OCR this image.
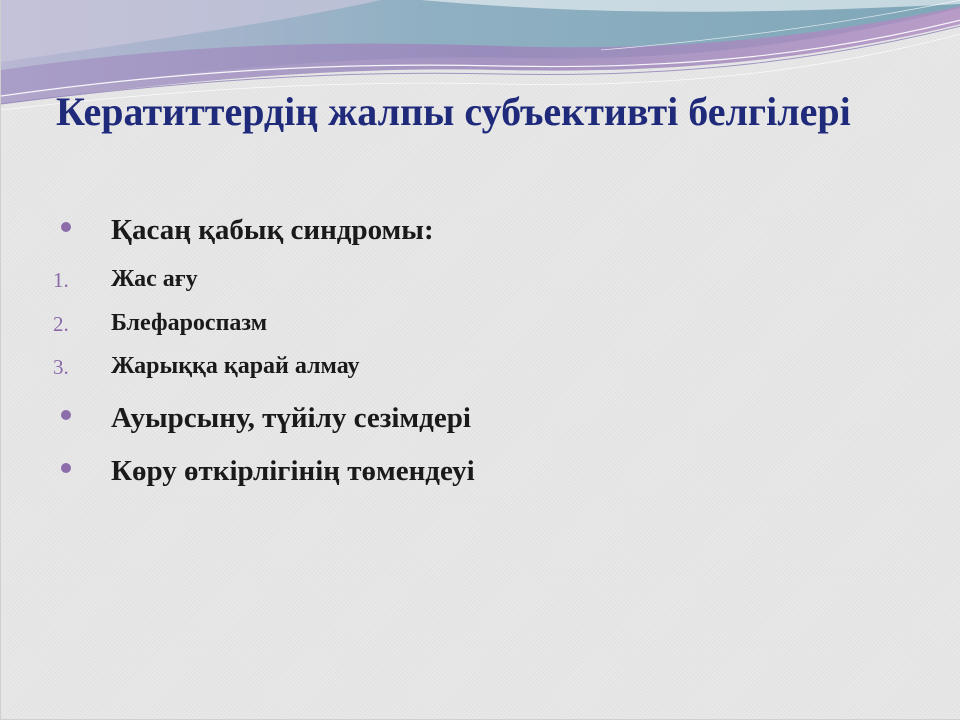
Кератиттердің жалпы субъективті белгілері
Қасаң қабық синдромы:
1. Жас ағу
2. Блефароспазм
3. Жарыққа қарай алмау
Ауырсыну, түйілу сезімдері
Көру өткірлігінің төмендеуі
